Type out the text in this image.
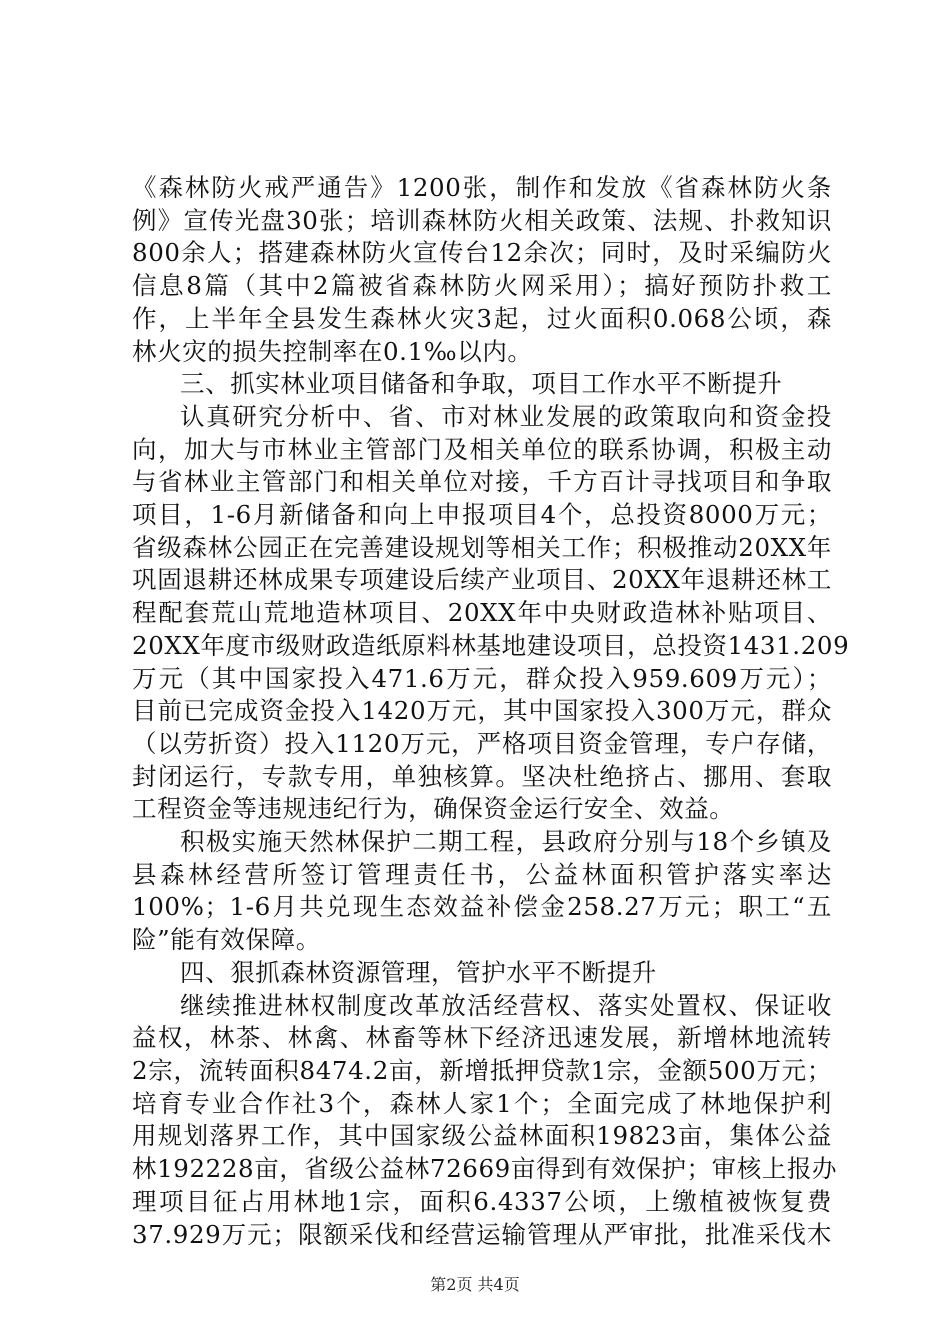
《森林防火戒严通告》1200张，制作和发放《省森林防火条
例》宣传光盘30张；培训森林防火相关政策、法规、扑救知识
800余人；搭建森林防火宣传台12余次；同时，及时采编防火
信息8篇（其中2篇被省森林防火网采用）；搞好预防扑救工
作，上半年全县发生森林火灾3起，过火面积0.068公顷，森
林火灾的损失控制率在0.1‰以内。
三、抓实林业项目储备和争取，项目工作水平不断提升
认真研究分析中、省、市对林业发展的政策取向和资金投
向，加大与市林业主管部门及相关单位的联系协调，积极主动
与省林业主管部门和相关单位对接，千方百计寻找项目和争取
项目，1-6月新储备和向上申报项目4个，总投资8000万元；
省级森林公园正在完善建设规划等相关工作；积极推动20XX年
巩固退耕还林成果专项建设后续产业项目、20XX年退耕还林工
程配套荒山荒地造林项目、20XX年中央财政造林补贴项目、
20XX年度市级财政造纸原料林基地建设项目，总投资1431.209
万元（其中国家投入471.6万元，群众投入959.609万元）；
目前已完成资金投入1420万元，其中国家投入300万元，群众
（以劳折资）投入1120万元，严格项目资金管理，专户存储，
封闭运行，专款专用，单独核算。坚决杜绝挤占、挪用、套取
工程资金等违规违纪行为，确保资金运行安全、效益。
积极实施天然林保护二期工程，县政府分别与18个乡镇及
县森林经营所签订管理责任书，公益林面积管护落实率达
100%；1-6月共兑现生态效益补偿金258.27万元；职工“五
险”能有效保障。
四、狠抓森林资源管理，管护水平不断提升
继续推进林权制度改革放活经营权、落实处置权、保证收
益权，林茶、林禽、林畜等林下经济迅速发展，新增林地流转
2宗，流转面积8474.2亩，新增抵押贷款1宗，金额500万元；
培育专业合作社3个，森林人家1个；全面完成了林地保护利
用规划落界工作，其中国家级公益林面积19823亩，集体公益
林192228亩，省级公益林72669亩得到有效保护；审核上报办
理项目征占用林地1宗，面积6.4337公顷，上缴植被恢复费
37.929万元；限额采伐和经营运输管理从严审批，批准采伐木
第2页 共4页
